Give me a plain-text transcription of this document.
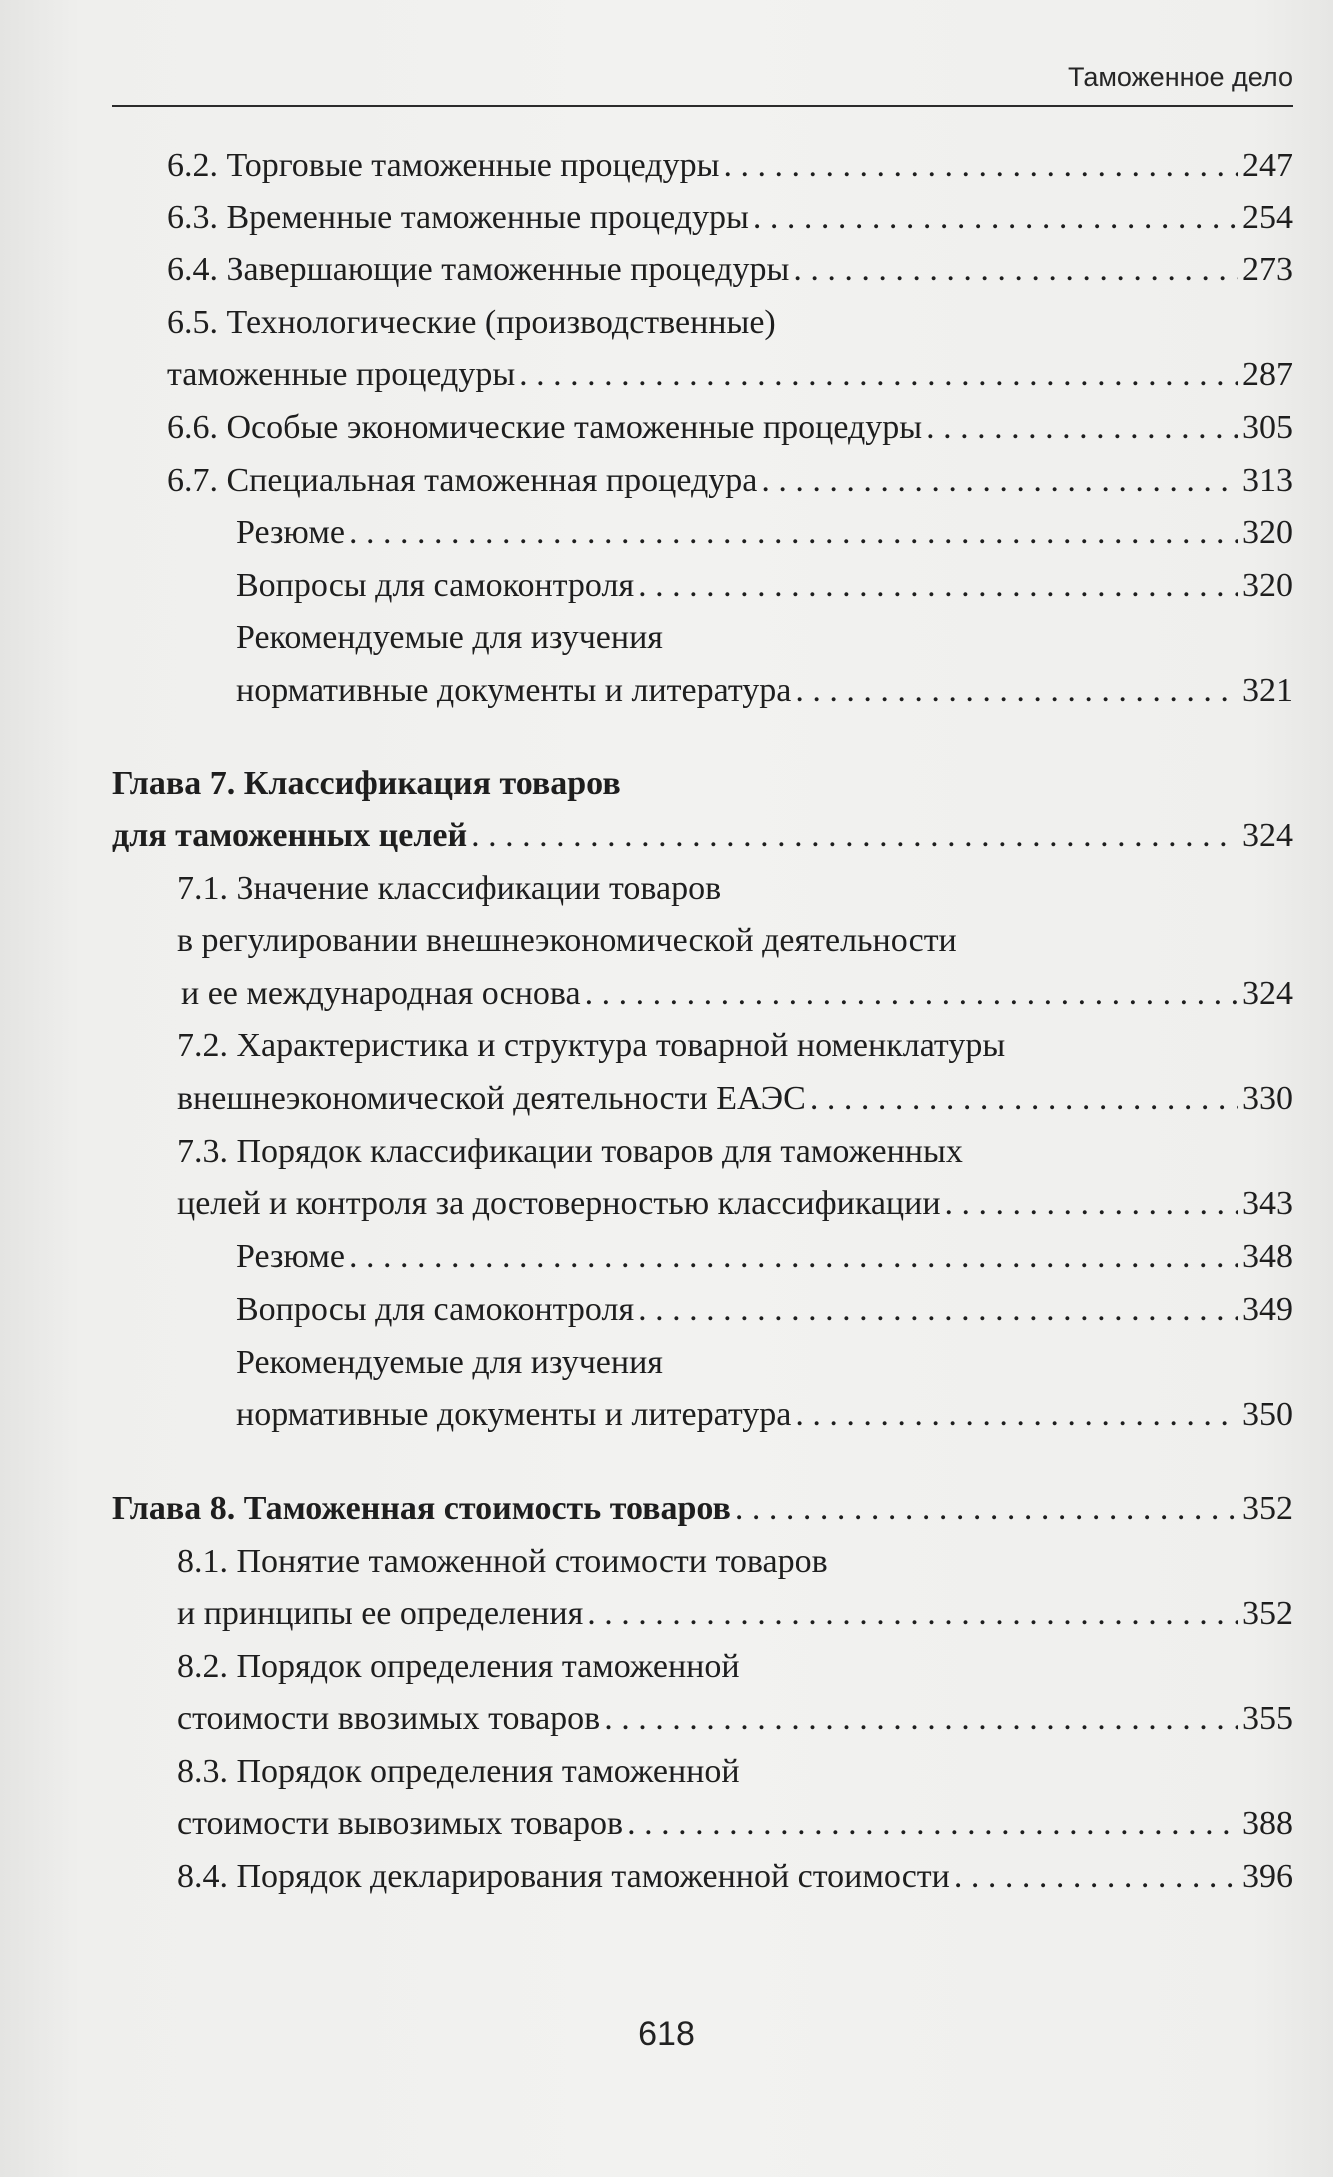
Таможенное дело
6.2. Торговые таможенные процедуры . . .	247
6.3. Временные таможенные процедуры . . .	254
6.4. Завершающие таможенные процедуры . . .	273
6.5. Технологические (производственные)
таможенные процедуры . . .	287
6.6. Особые экономические таможенные процедуры . . .	305
6.7. Специальная таможенная процедура . . .	313
Резюме . . .	320
Вопросы для самоконтроля . . .	320
Рекомендуемые для изучения
нормативные документы и литература . . .	321
Глава 7. Классификация товаров
для таможенных целей . . .	324
7.1. Значение классификации товаров
в регулировании внешнеэкономической деятельности
и ее международная основа . . .	324
7.2. Характеристика и структура товарной номенклатуры
внешнеэкономической деятельности ЕАЭС . . .	330
7.3. Порядок классификации товаров для таможенных
целей и контроля за достоверностью классификации . . .	343
Резюме . . .	348
Вопросы для самоконтроля . . .	349
Рекомендуемые для изучения
нормативные документы и литература . . .	350
Глава 8. Таможенная стоимость товаров . . .	352
8.1. Понятие таможенной стоимости товаров
и принципы ее определения . . .	352
8.2. Порядок определения таможенной
стоимости ввозимых товаров . . .	355
8.3. Порядок определения таможенной
стоимости вывозимых товаров . . .	388
8.4. Порядок декларирования таможенной стоимости . . .	396
618
